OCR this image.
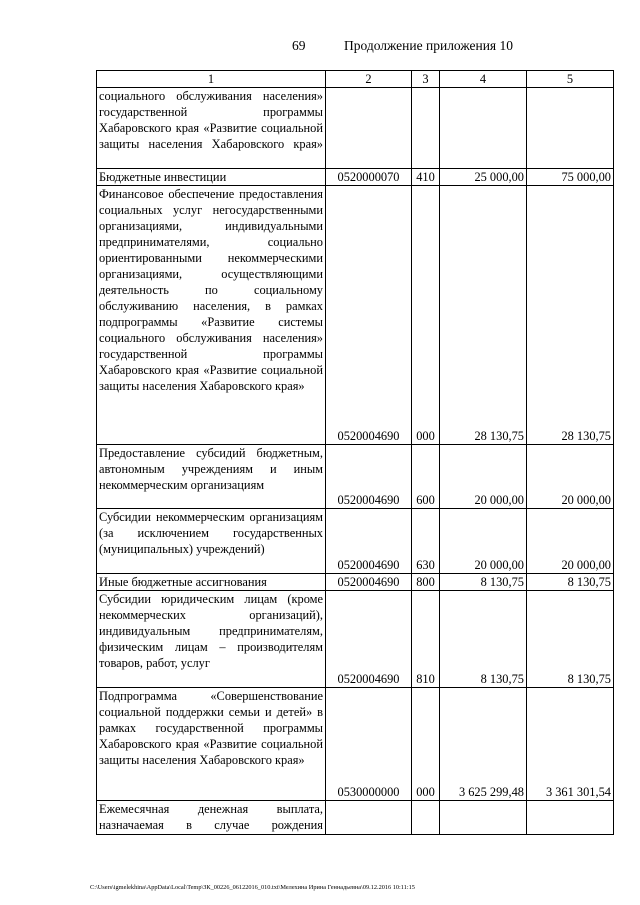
69	Продолжение приложения 10
1	2	3	4	5
социального обслуживания населения» государственной программы Хабаровского края «Развитие социальной защиты населения Хабаровского края»				
Бюджетные инвестиции	0520000070	410	25 000,00	75 000,00
Финансовое обеспечение предоставления социальных услуг негосударственными организациями, индивидуальными предпринимателями, социально ориентированными некоммерческими организациями, осуществляющими деятельность по социальному обслуживанию населения, в рамках подпрограммы «Развитие системы социального обслуживания населения» государственной программы Хабаровского края «Развитие социальной защиты населения Хабаровского края»	0520004690	000	28 130,75	28 130,75
Предоставление субсидий бюджетным, автономным учреждениям и иным некоммерческим организациям	0520004690	600	20 000,00	20 000,00
Субсидии некоммерческим организациям (за исключением государственных (муниципальных) учреждений)	0520004690	630	20 000,00	20 000,00
Иные бюджетные ассигнования	0520004690	800	8 130,75	8 130,75
Субсидии юридическим лицам (кроме некоммерческих организаций), индивидуальным предпринимателям, физическим лицам – производителям товаров, работ, услуг	0520004690	810	8 130,75	8 130,75
Подпрограмма «Совершенствование социальной поддержки семьи и детей» в рамках государственной программы Хабаровского края «Развитие социальной защиты населения Хабаровского края»	0530000000	000	3 625 299,48	3 361 301,54
Ежемесячная денежная выплата, назначаемая в случае рождения				
C:\Users\igmelekhina\AppData\Local\Temp\ЗК_00226_06122016_010.txt\Мелехина Ирина Геннадьевна\09.12.2016 10:11:15
